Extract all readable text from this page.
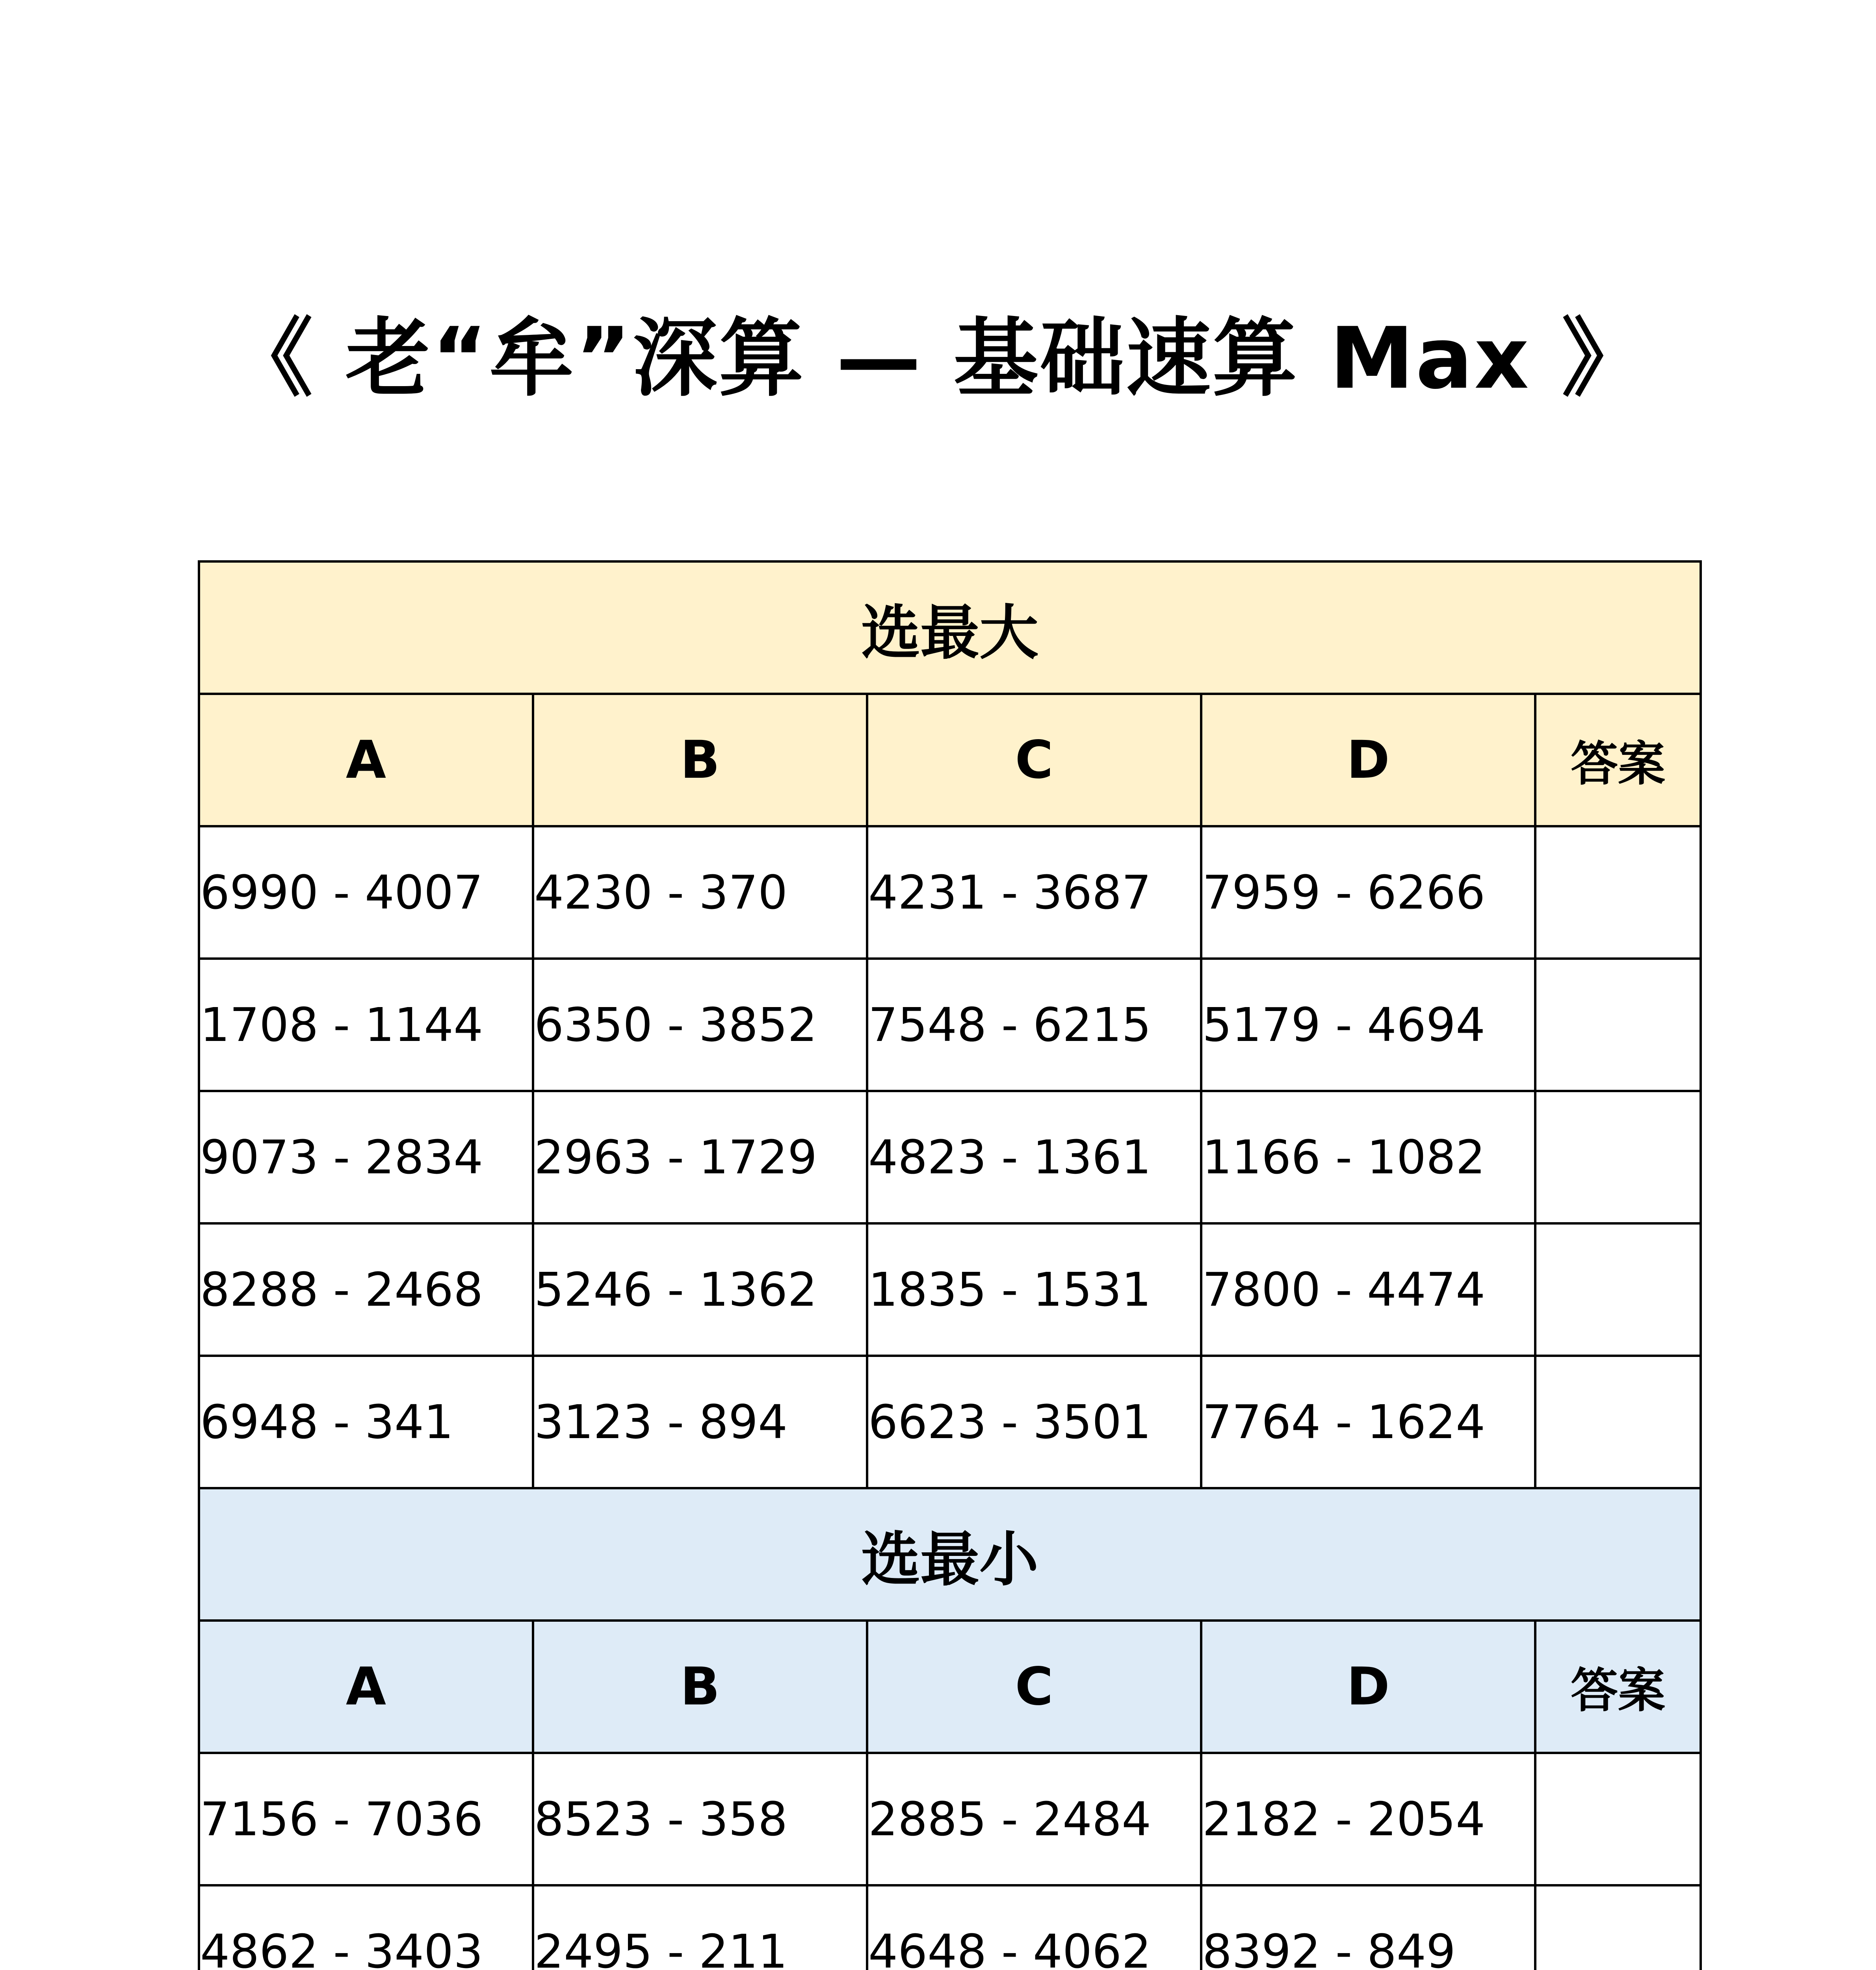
《 老“牟”深算 — 基础速算 Max 》
选最大				
A	B	C	D	答案
6990 - 4007	4230 - 370	4231 - 3687	7959 - 6266	
1708 - 1144	6350 - 3852	7548 - 6215	5179 - 4694	
9073 - 2834	2963 - 1729	4823 - 1361	1166 - 1082	
8288 - 2468	5246 - 1362	1835 - 1531	7800 - 4474	
6948 - 341	3123 - 894	6623 - 3501	7764 - 1624	
选最小				
A	B	C	D	答案
7156 - 7036	8523 - 358	2885 - 2484	2182 - 2054	
4862 - 3403	2495 - 211	4648 - 4062	8392 - 849	
